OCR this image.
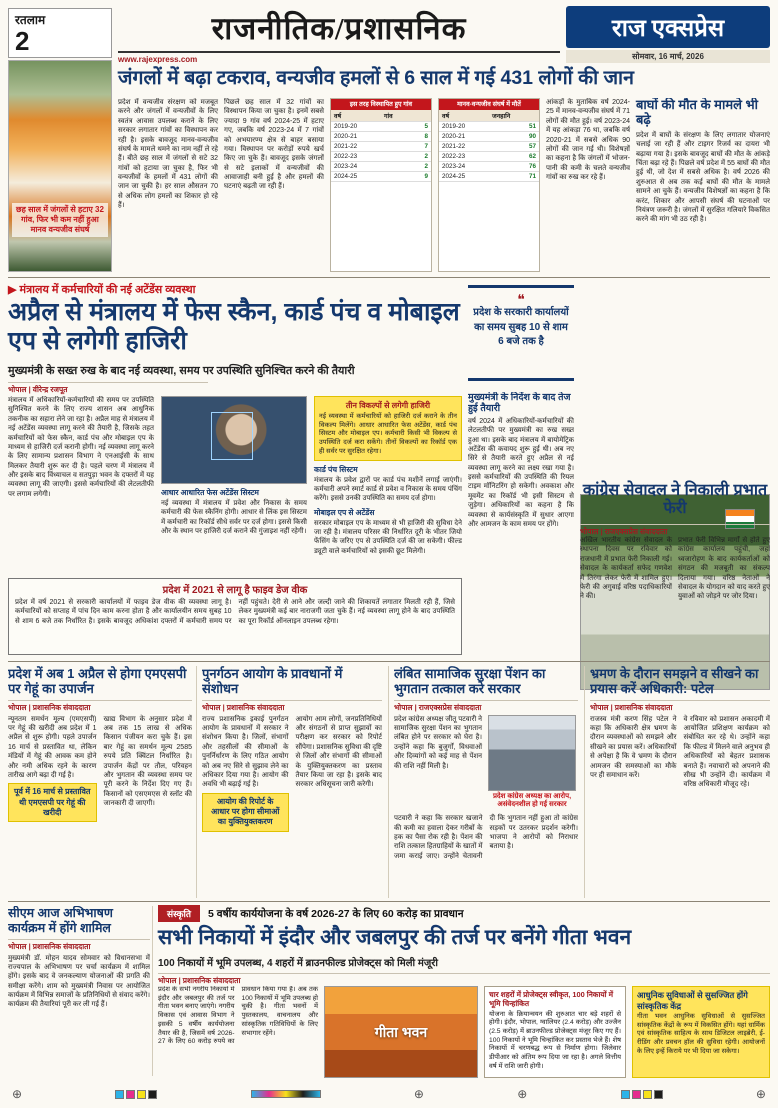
रतलाम
2	राजनीतिक/प्रशासनिक
www.rajexpress.com
राज एक्सप्रेस
सोमवार, 16 मार्च, 2026
छह साल में जंगलों से हटाए 32 गांव, फिर भी कम नहीं हुआ मानव वन्यजीव संघर्ष
जंगलों में बढ़ा टकराव, वन्यजीव हमलों से 6 साल में गई 431 लोगों की जान
प्रदेश में वन्यजीव संरक्षण को मजबूत करने और जंगलों में वन्यजीवों के लिए स्वतंत्र आवास उपलब्ध कराने के लिए सरकार लगातार गांवों का विस्थापन कर रही है। इसके बावजूद मानव-वन्यजीव संघर्ष के मामले थमने का नाम नहीं ले रहे हैं। बीते छह साल में जंगलों से सटे 32 गांवों को हटाया जा चुका है, फिर भी वन्यजीवों के हमलों में 431 लोगों की जान जा चुकी है। हर साल औसतन 70 से अधिक लोग हमलों का शिकार हो रहे हैं।
पिछले छह साल में 32 गांवों का विस्थापन किया जा चुका है। इनमें सबसे ज्यादा 9 गांव वर्ष 2024-25 में हटाए गए, जबकि वर्ष 2023-24 में 7 गांवों को अभयारण्य क्षेत्र से बाहर बसाया गया। विस्थापन पर करोड़ों रुपये खर्च किए जा चुके हैं। बावजूद इसके जंगलों से सटे इलाकों में वन्यजीवों की आवाजाही बनी हुई है और हमलों की घटनाएं बढ़ती जा रही हैं।
इस तरह विस्थापित हुए गांव
वर्ष	गांव
2019-20	5
2020-21	8
2021-22	7
2022-23	2
2023-24	2
2024-25	9
मानव-वन्यजीव संघर्ष में मौतें
वर्ष	जनहानि
2019-20	51
2020-21	90
2021-22	57
2022-23	62
2023-24	76
2024-25	71
आंकड़ों के मुताबिक वर्ष 2024-25 में मानव-वन्यजीव संघर्ष में 71 लोगों की मौत हुई। वर्ष 2023-24 में यह आंकड़ा 76 था, जबकि वर्ष 2020-21 में सबसे अधिक 90 लोगों की जान गई थी। विशेषज्ञों का कहना है कि जंगलों में भोजन-पानी की कमी के चलते वन्यजीव गांवों का रुख कर रहे हैं।
बाघों की मौत के मामले भी बढ़े
प्रदेश में बाघों के संरक्षण के लिए लगातार योजनाएं चलाई जा रही हैं और टाइगर रिजर्व का दायरा भी बढ़ाया गया है। इसके बावजूद बाघों की मौत के आंकड़े चिंता बढ़ा रहे हैं। पिछले वर्ष प्रदेश में 55 बाघों की मौत हुई थी, जो देश में सबसे अधिक है। वर्ष 2026 की शुरुआत से अब तक कई बाघों की मौत के मामले सामने आ चुके हैं। वन्यजीव विशेषज्ञों का कहना है कि करंट, शिकार और आपसी संघर्ष की घटनाओं पर नियंत्रण जरूरी है। जंगलों में सुरक्षित गलियारे विकसित करने की मांग भी उठ रही है।
▶ मंत्रालय में कर्मचारियों की नई अटेंडेंस व्यवस्था
अप्रैल से मंत्रालय में फेस स्कैन, कार्ड पंच व मोबाइल एप से लगेगी हाजिरी
मुख्यमंत्री के सख्त रुख के बाद नई व्यवस्था, समय पर उपस्थिति सुनिश्चित करने की तैयारी
भोपाल | वीरेन्द्र रजपूत
मंत्रालय में अधिकारियों-कर्मचारियों की समय पर उपस्थिति सुनिश्चित करने के लिए राज्य शासन अब आधुनिक तकनीक का सहारा लेने जा रहा है। अप्रैल माह से मंत्रालय में नई अटेंडेंस व्यवस्था लागू करने की तैयारी है, जिसके तहत कर्मचारियों को फेस स्कैन, कार्ड पंच और मोबाइल एप के माध्यम से हाजिरी दर्ज करानी होगी। नई व्यवस्था लागू करने के लिए सामान्य प्रशासन विभाग ने एनआईसी के साथ मिलकर तैयारी शुरू कर दी है। पहले चरण में मंत्रालय में और इसके बाद विंध्याचल व सतपुड़ा भवन के दफ्तरों में यह व्यवस्था लागू की जाएगी। इससे कर्मचारियों की लेटलतीफी पर लगाम लगेगी।	आधार आधारित फेस अटेंडेंस सिस्टम
नई व्यवस्था में मंत्रालय में प्रवेश और निकास के समय कर्मचारी की फेस स्कैनिंग होगी। आधार से लिंक इस सिस्टम में कर्मचारी का रिकॉर्ड सीधे सर्वर पर दर्ज होगा। इससे किसी और के स्थान पर हाजिरी दर्ज कराने की गुंजाइश नहीं रहेगी।
तीन विकल्पों से लगेगी हाजिरी
नई व्यवस्था में कर्मचारियों को हाजिरी दर्ज कराने के तीन विकल्प मिलेंगे। आधार आधारित फेस अटेंडेंस, कार्ड पंच सिस्टम और मोबाइल एप। कर्मचारी किसी भी विकल्प से उपस्थिति दर्ज करा सकेंगे। तीनों विकल्पों का रिकॉर्ड एक ही सर्वर पर सुरक्षित रहेगा।
कार्ड पंच सिस्टम
मंत्रालय के प्रवेश द्वारों पर कार्ड पंच मशीनें लगाई जाएंगी। कर्मचारी अपने स्मार्ट कार्ड से प्रवेश व निकास के समय पंचिंग करेंगे। इससे उनकी उपस्थिति का समय दर्ज होगा।
मोबाइल एप से अटेंडेंस
सरकार मोबाइल एप के माध्यम से भी हाजिरी की सुविधा देने जा रही है। मंत्रालय परिसर की निर्धारित दूरी के भीतर जियो फेंसिंग के जरिए एप से उपस्थिति दर्ज की जा सकेगी। फील्ड ड्यूटी वाले कर्मचारियों को इसकी छूट मिलेगी।
प्रदेश में 2021 से लागू है फाइव डेज वीक
प्रदेश में वर्ष 2021 से सरकारी कार्यालयों में फाइव डेज वीक की व्यवस्था लागू है। कर्मचारियों को सप्ताह में पांच दिन काम करना होता है और कार्यालयीन समय सुबह 10 से शाम 6 बजे तक निर्धारित है। इसके बावजूद अधिकांश दफ्तरों में कर्मचारी समय पर नहीं पहुंचते। देरी से आने और जल्दी जाने की शिकायतें लगातार मिलती रही हैं, जिसे लेकर मुख्यमंत्री कई बार नाराजगी जता चुके हैं। नई व्यवस्था लागू होने के बाद उपस्थिति का पूरा रिकॉर्ड ऑनलाइन उपलब्ध रहेगा।
❝
प्रदेश के सरकारी कार्यालयों का समय सुबह 10 से शाम 6 बजे तक है
मुख्यमंत्री के निर्देश के बाद तेज हुई तैयारी
वर्ष 2024 में अधिकारियों-कर्मचारियों की लेटलतीफी पर मुख्यमंत्री का रुख सख्त हुआ था। इसके बाद मंत्रालय में बायोमेट्रिक अटेंडेंस की कवायद शुरू हुई थी। अब नए सिरे से तैयारी करते हुए अप्रैल से नई व्यवस्था लागू करने का लक्ष्य रखा गया है। इससे कर्मचारियों की उपस्थिति की रियल टाइम मॉनिटरिंग हो सकेगी। अवकाश और मूवमेंट का रिकॉर्ड भी इसी सिस्टम से जुड़ेगा। अधिकारियों का कहना है कि व्यवस्था से कार्यसंस्कृति में सुधार आएगा और आमजन के काम समय पर होंगे।
कांग्रेस सेवादल ने निकाली प्रभात फेरी
भोपाल | राजएक्सप्रेस संवाददाता
अखिल भारतीय कांग्रेस सेवादल के स्थापना दिवस पर रविवार को राजधानी में प्रभात फेरी निकाली गई। सेवादल के कार्यकर्ता सफेद गणवेश में तिरंगा लेकर फेरी में शामिल हुए। फेरी की अगुवाई वरिष्ठ पदाधिकारियों ने की।
प्रभात फेरी विभिन्न मार्गों से होते हुए कांग्रेस कार्यालय पहुंची, जहां ध्वजारोहण के बाद कार्यकर्ताओं को संगठन की मजबूती का संकल्प दिलाया गया। वरिष्ठ नेताओं ने सेवादल के योगदान को याद करते हुए युवाओं को जोड़ने पर जोर दिया।
प्रदेश में अब 1 अप्रैल से होगा एमएसपी पर गेहूं का उपार्जन
भोपाल | प्रशासनिक संवाददाता

न्यूनतम समर्थन मूल्य (एमएसपी) पर गेहूं की खरीदी अब प्रदेश में 1 अप्रैल से शुरू होगी। पहले उपार्जन 16 मार्च से प्रस्तावित था, लेकिन मंडियों में गेहूं की आवक कम होने और नमी अधिक रहने के कारण तारीख आगे बढ़ा दी गई है।

पूर्व में 16 मार्च से प्रस्तावित थी एमएसपी पर गेहूं की खरीदी

खाद्य विभाग के अनुसार प्रदेश में अब तक 15 लाख से अधिक किसान पंजीयन करा चुके हैं। इस बार गेहूं का समर्थन मूल्य 2585 रुपये प्रति क्विंटल निर्धारित है। उपार्जन केंद्रों पर तौल, परिवहन और भुगतान की व्यवस्था समय पर पूरी करने के निर्देश दिए गए हैं। किसानों को एसएमएस से स्लॉट की जानकारी दी जाएगी।

पुनर्गठन आयोग के प्रावधानों में संशोधन
भोपाल | प्रशासनिक संवाददाता

राज्य प्रशासनिक इकाई पुनर्गठन आयोग के प्रावधानों में सरकार ने संशोधन किया है। जिलों, संभागों और तहसीलों की सीमाओं के पुनर्निर्धारण के लिए गठित आयोग को अब नए सिरे से सुझाव लेने का अधिकार दिया गया है। आयोग की अवधि भी बढ़ाई गई है।

आयोग की रिपोर्ट के आधार पर होगा सीमाओं का युक्तियुक्तकरण

आयोग आम लोगों, जनप्रतिनिधियों और संगठनों से प्राप्त सुझावों का परीक्षण कर सरकार को रिपोर्ट सौंपेगा। प्रशासनिक सुविधा की दृष्टि से जिलों और संभागों की सीमाओं के युक्तियुक्तकरण का प्रस्ताव तैयार किया जा रहा है। इसके बाद सरकार अधिसूचना जारी करेगी।

लंबित सामाजिक सुरक्षा पेंशन का भुगतान तत्काल करे सरकार
भोपाल | राजएक्सप्रेस संवाददाता
प्रदेश कांग्रेस अध्यक्ष जीतू पटवारी ने सामाजिक सुरक्षा पेंशन का भुगतान लंबित होने पर सरकार को घेरा है। उन्होंने कहा कि बुजुर्गों, विधवाओं और दिव्यांगों को कई माह से पेंशन की राशि नहीं मिली है।
प्रदेश कांग्रेस अध्यक्ष का आरोप, असंवेदनशील हो गई सरकार
पटवारी ने कहा कि सरकार खजाने की कमी का हवाला देकर गरीबों के हक का पैसा रोक रही है। पेंशन की राशि तत्काल हितग्राहियों के खातों में जमा कराई जाए। उन्होंने चेतावनी दी कि भुगतान नहीं हुआ तो कांग्रेस सड़कों पर उतरकर प्रदर्शन करेगी। भाजपा ने आरोपों को निराधार बताया है।
भ्रमण के दौरान समझने व सीखने का प्रयास करें अधिकारी: पटेल
भोपाल | प्रशासनिक संवाददाता

राजस्व मंत्री करण सिंह पटेल ने कहा कि अधिकारी क्षेत्र भ्रमण के दौरान व्यवस्थाओं को समझने और सीखने का प्रयास करें। अधिकारियों से अपेक्षा है कि वे भ्रमण के दौरान आमजन की समस्याओं का मौके पर ही समाधान करें।

वे रविवार को प्रशासन अकादमी में आयोजित प्रशिक्षण कार्यक्रम को संबोधित कर रहे थे। उन्होंने कहा कि फील्ड में मिलने वाले अनुभव ही अधिकारियों को बेहतर प्रशासक बनाते हैं। नवाचारों को अपनाने की सीख भी उन्होंने दी। कार्यक्रम में वरिष्ठ अधिकारी मौजूद रहे।

सीएम आज अभिभाषण कार्यक्रम में होंगे शामिल
भोपाल | प्रशासनिक संवाददाता
मुख्यमंत्री डॉ. मोहन यादव सोमवार को विधानसभा में राज्यपाल के अभिभाषण पर चर्चा कार्यक्रम में शामिल होंगे। इसके बाद वे जनकल्याण योजनाओं की प्रगति की समीक्षा करेंगे। शाम को मुख्यमंत्री निवास पर आयोजित कार्यक्रम में विभिन्न समाजों के प्रतिनिधियों से संवाद करेंगे। कार्यक्रम की तैयारियां पूरी कर ली गई हैं।
संस्कृति	5 वर्षीय कार्ययोजना के वर्ष 2026-27 के लिए 60 करोड़ का प्रावधान
सभी निकायों में इंदौर और जबलपुर की तर्ज पर बनेंगे गीता भवन
100 निकायों में भूमि उपलब्ध, 4 शहरों में ब्राउनफील्ड प्रोजेक्ट्स को मिली मंजूरी
भोपाल | प्रशासनिक संवाददाता
प्रदेश के सभी नगरीय निकायों में इंदौर और जबलपुर की तर्ज पर गीता भवन बनाए जाएंगे। नगरीय विकास एवं आवास विभाग ने इसकी 5 वर्षीय कार्ययोजना तैयार की है, जिसमें वर्ष 2026-27 के लिए 60 करोड़ रुपये का प्रावधान किया गया है। अब तक 100 निकायों में भूमि उपलब्ध हो चुकी है। गीता भवनों में पुस्तकालय, वाचनालय और सांस्कृतिक गतिविधियों के लिए सभागार रहेंगे।	गीता भवन
चार शहरों में प्रोजेक्ट्स स्वीकृत, 100 निकायों में भूमि चिन्हांकित
योजना के क्रियान्वयन की शुरुआत चार बड़े शहरों से होगी। इंदौर, भोपाल, ग्वालियर (2.4 करोड़) और उज्जैन (2.5 करोड़) में ब्राउनफील्ड प्रोजेक्ट्स मंजूर किए गए हैं। 100 निकायों ने भूमि चिन्हांकित कर प्रस्ताव भेजे हैं। शेष निकायों में चरणबद्ध रूप से निर्माण होगा। जिलेवार डीपीआर को अंतिम रूप दिया जा रहा है। अगले वित्तीय वर्ष में राशि जारी होगी।
आधुनिक सुविधाओं से सुसज्जित होंगे सांस्कृतिक केंद्र
गीता भवन आधुनिक सुविधाओं से सुसज्जित सांस्कृतिक केंद्रों के रूप में विकसित होंगे। यहां धार्मिक एवं सांस्कृतिक साहित्य के साथ डिजिटल लाइब्रेरी, ई-रीडिंग और प्रवचन हॉल की सुविधा रहेगी। आयोजनों के लिए इन्हें किराये पर भी दिया जा सकेगा।
⊕	⊕	⊕	⊕
